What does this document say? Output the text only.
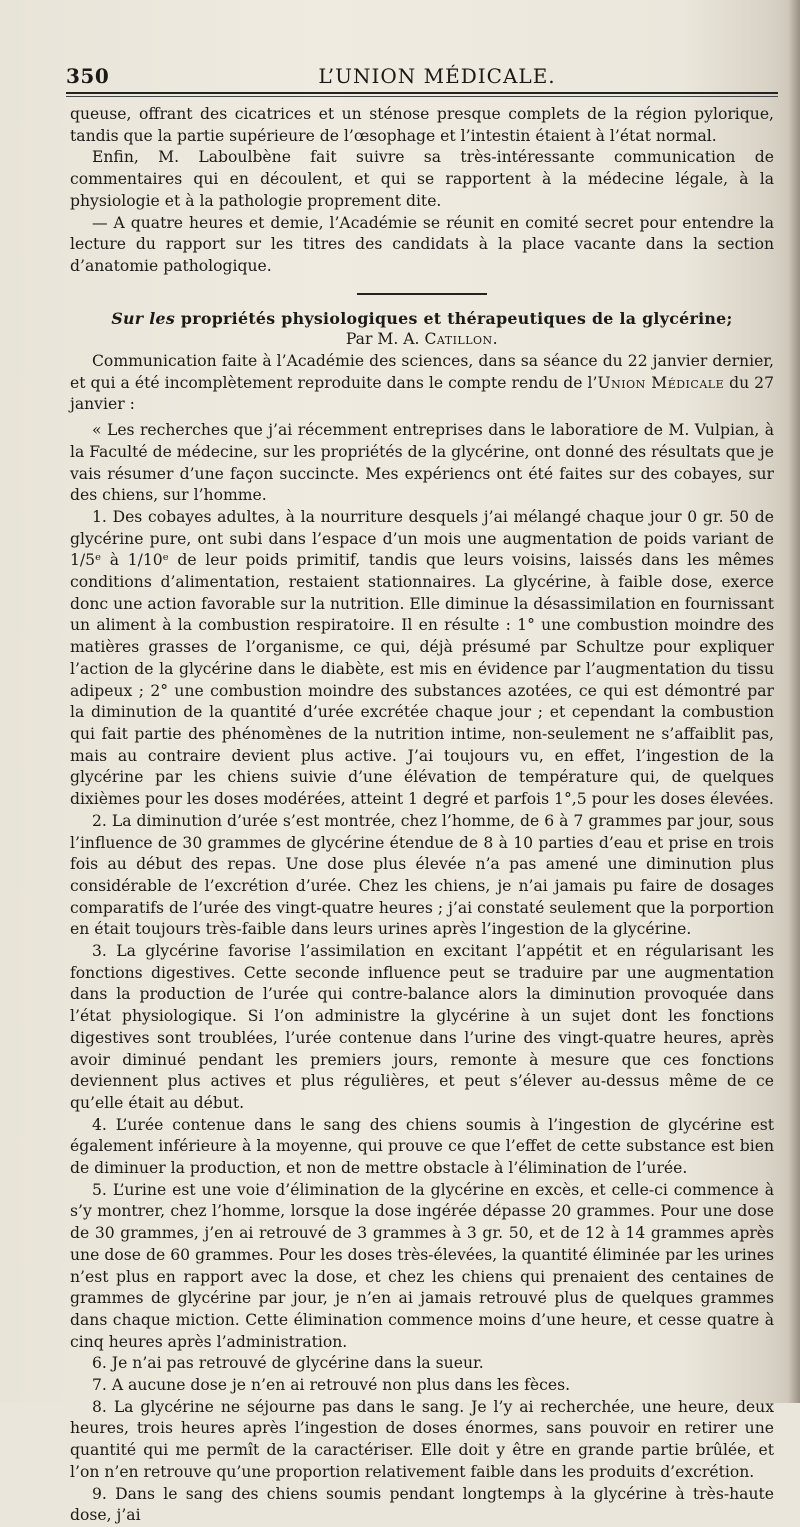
350	L’UNION MÉDICALE.

queuse, offrant des cicatrices et un sténose presque complets de la région pylorique, tandis que la partie supérieure de l’œsophage et l’intestin étaient à l’état normal.

Enfin, M. Laboulbène fait suivre sa très-intéressante communication de commentaires qui en découlent, et qui se rapportent à la médecine légale, à la physiologie et à la pathologie proprement dite.

— A quatre heures et demie, l’Académie se réunit en comité secret pour entendre la lecture du rapport sur les titres des candidats à la place vacante dans la section d’anatomie pathologique.

Sur les propriétés physiologiques et thérapeutiques de la glycérine;

Par M. A. Catillon.

Communication faite à l’Académie des sciences, dans sa séance du 22 janvier dernier, et qui a été incomplètement reproduite dans le compte rendu de l’Union Médicale du 27 janvier :

« Les recherches que j’ai récemment entreprises dans le laboratiore de M. Vulpian, à la Faculté de médecine, sur les propriétés de la glycérine, ont donné des résultats que je vais résumer d’une façon succincte. Mes expériencs ont été faites sur des cobayes, sur des chiens, sur l’homme.

1. Des cobayes adultes, à la nourriture desquels j’ai mélangé chaque jour 0 gr. 50 de glycérine pure, ont subi dans l’espace d’un mois une augmentation de poids variant de 1/5ᵉ à 1/10ᵉ de leur poids primitif, tandis que leurs voisins, laissés dans les mêmes conditions d’alimentation, restaient stationnaires. La glycérine, à faible dose, exerce donc une action favorable sur la nutrition. Elle diminue la désassimilation en fournissant un aliment à la combustion respiratoire. Il en résulte : 1° une combustion moindre des matières grasses de l’organisme, ce qui, déjà présumé par Schultze pour expliquer l’action de la glycérine dans le diabète, est mis en évidence par l’augmentation du tissu adipeux ; 2° une combustion moindre des substances azotées, ce qui est démontré par la diminution de la quantité d’urée excrétée chaque jour ; et cependant la combustion qui fait partie des phénomènes de la nutrition intime, non-seulement ne s’affaiblit pas, mais au contraire devient plus active. J’ai toujours vu, en effet, l’ingestion de la glycérine par les chiens suivie d’une élévation de température qui, de quelques dixièmes pour les doses modérées, atteint 1 degré et parfois 1°,5 pour les doses élevées.

2. La diminution d’urée s’est montrée, chez l’homme, de 6 à 7 grammes par jour, sous l’influence de 30 grammes de glycérine étendue de 8 à 10 parties d’eau et prise en trois fois au début des repas. Une dose plus élevée n’a pas amené une diminution plus considérable de l’excrétion d’urée. Chez les chiens, je n’ai jamais pu faire de dosages comparatifs de l’urée des vingt-quatre heures ; j’ai constaté seulement que la porportion en était toujours très-faible dans leurs urines après l’ingestion de la glycérine.

3. La glycérine favorise l’assimilation en excitant l’appétit et en régularisant les fonctions digestives. Cette seconde influence peut se traduire par une augmentation dans la production de l’urée qui contre-balance alors la diminution provoquée dans l’état physiologique. Si l’on administre la glycérine à un sujet dont les fonctions digestives sont troublées, l’urée contenue dans l’urine des vingt-quatre heures, après avoir diminué pendant les premiers jours, remonte à mesure que ces fonctions deviennent plus actives et plus régulières, et peut s’élever au-dessus même de ce qu’elle était au début.

4. L’urée contenue dans le sang des chiens soumis à l’ingestion de glycérine est également inférieure à la moyenne, qui prouve ce que l’effet de cette substance est bien de diminuer la production, et non de mettre obstacle à l’élimination de l’urée.

5. L’urine est une voie d’élimination de la glycérine en excès, et celle-ci commence à s’y montrer, chez l’homme, lorsque la dose ingérée dépasse 20 grammes. Pour une dose de 30 grammes, j’en ai retrouvé de 3 grammes à 3 gr. 50, et de 12 à 14 grammes après une dose de 60 grammes. Pour les doses très-élevées, la quantité éliminée par les urines n’est plus en rapport avec la dose, et chez les chiens qui prenaient des centaines de grammes de glycérine par jour, je n’en ai jamais retrouvé plus de quelques grammes dans chaque miction. Cette élimination commence moins d’une heure, et cesse quatre à cinq heures après l’administration.

6. Je n’ai pas retrouvé de glycérine dans la sueur.

7. A aucune dose je n’en ai retrouvé non plus dans les fèces.

8. La glycérine ne séjourne pas dans le sang. Je l’y ai recherchée, une heure, deux heures, trois heures après l’ingestion de doses énormes, sans pouvoir en retirer une quantité qui me permît de la caractériser. Elle doit y être en grande partie brûlée, et l’on n’en retrouve qu’une proportion relativement faible dans les produits d’excrétion.

9. Dans le sang des chiens soumis pendant longtemps à la glycérine à très-haute dose, j’ai
